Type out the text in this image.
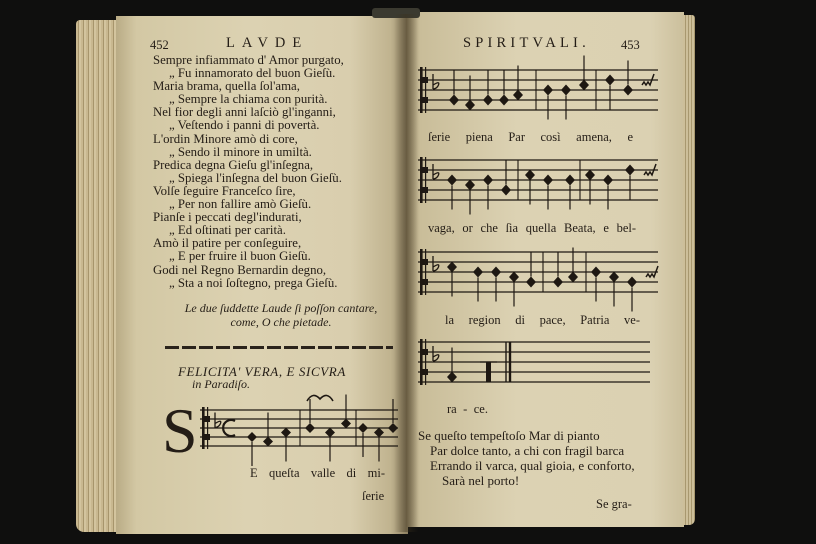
452	LAVDE
Sempre infiammato d' Amor purgato,
„ Fu innamorato del buon Gieſù.
Maria brama, quella ſol'ama,
„ Sempre la chiama con purità.
Nel fior degli anni laſciò gl'inganni,
„ Veſtendo i panni di povertà.
L'ordin Minore amò di core,
„ Sendo il minore in umiltà.
Predica degna Gieſu gl'inſegna,
„ Spiega l'inſegna del buon Gieſù.
Volſe ſeguire Franceſco ſire,
„ Per non fallire amò Gieſù.
Pianſe i peccati degl'indurati,
„ Ed oſtinati per carità.
Amò il patire per conſeguire,
„ E per fruire il buon Gieſù.
Godi nel Regno Bernardin degno,
„ Sta a noi ſoſtegno, prega Gieſù.
Le due ſuddette Laude ſi poſſon cantare,
come, O che pietade.
FELICITA' VERA, E SICVRA
in Paradiſo.
S
E queſta valle di mi-
ſerie
SPIRITVALI. 453
ſerie piena Par così amena, e
vaga, or che ſia quella Beata, e bel-
la region di pace, Patria ve-
ra - ce.
Se queſto tempeſtoſo Mar di pianto
Par dolce tanto, a chi con fragil barca
Errando il varca, qual gioia, e conforto,
Sarà nel porto!
Se gra-
